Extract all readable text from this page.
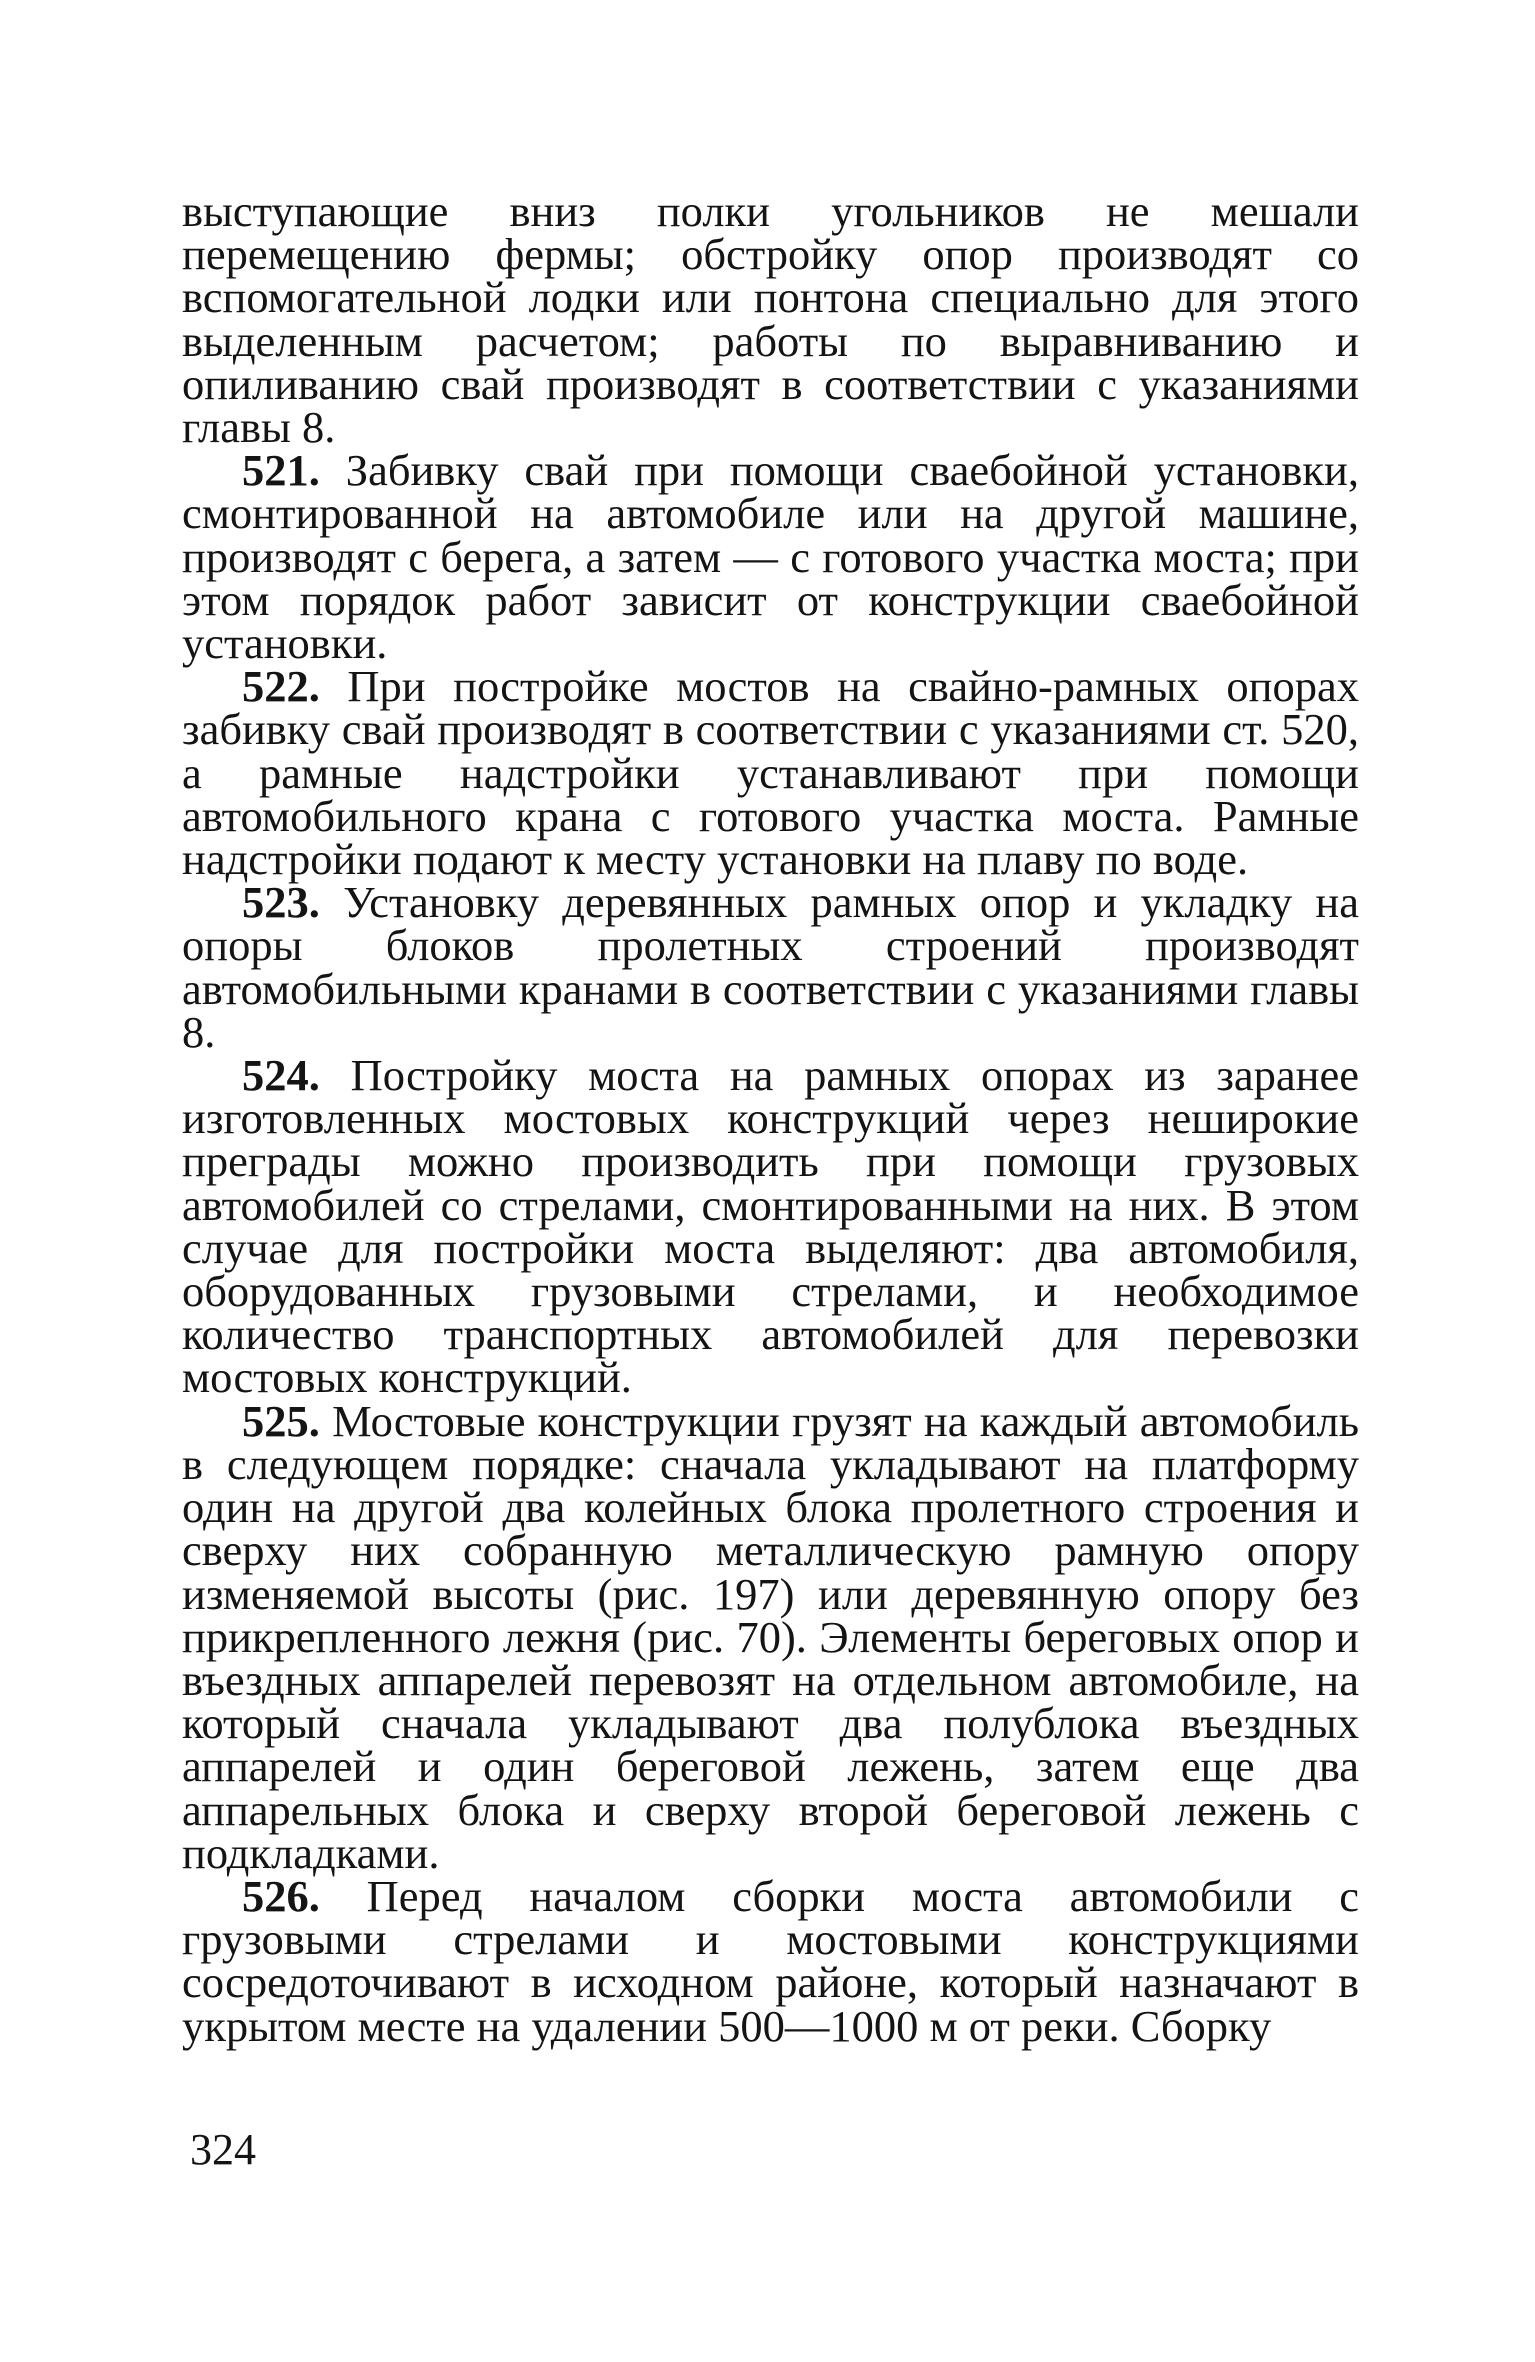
выступающие вниз полки угольников не мешали перемещению фермы; обстройку опор производят со вспомогательной лодки или понтона специально для этого выделенным расчетом; работы по выравниванию и опиливанию свай производят в соответствии с указаниями главы 8.

521. Забивку свай при помощи сваебойной установки, смонтированной на автомобиле или на другой машине, производят с берега, а затем — с готового участка моста; при этом порядок работ зависит от конструкции сваебойной установки.

522. При постройке мостов на свайно-рамных опорах забивку свай производят в соответствии с указаниями ст. 520, а рамные надстройки устанавливают при помощи автомобильного крана с готового участка моста. Рамные надстройки подают к месту установки на плаву по воде.

523. Установку деревянных рамных опор и укладку на опоры блоков пролетных строений производят автомобильными кранами в соответствии с указаниями главы 8.

524. Постройку моста на рамных опорах из заранее изготовленных мостовых конструкций через неширокие преграды можно производить при помощи грузовых автомобилей со стрелами, смонтированными на них. В этом случае для постройки моста выделяют: два автомобиля, оборудованных грузовыми стрелами, и необходимое количество транспортных автомобилей для перевозки мостовых конструкций.

525. Мостовые конструкции грузят на каждый автомобиль в следующем порядке: сначала укладывают на платформу один на другой два колейных блока пролетного строения и сверху них собранную металлическую рамную опору изменяемой высоты (рис. 197) или деревянную опору без прикрепленного лежня (рис. 70). Элементы береговых опор и въездных аппарелей перевозят на отдельном автомобиле, на который сначала укладывают два полублока въездных аппарелей и один береговой лежень, затем еще два аппарельных блока и сверху второй береговой лежень с подкладками.

526. Перед началом сборки моста автомобили с грузовыми стрелами и мостовыми конструкциями сосредоточивают в исходном районе, который назначают в укрытом месте на удалении 500—1000 м от реки. Сборку

324
